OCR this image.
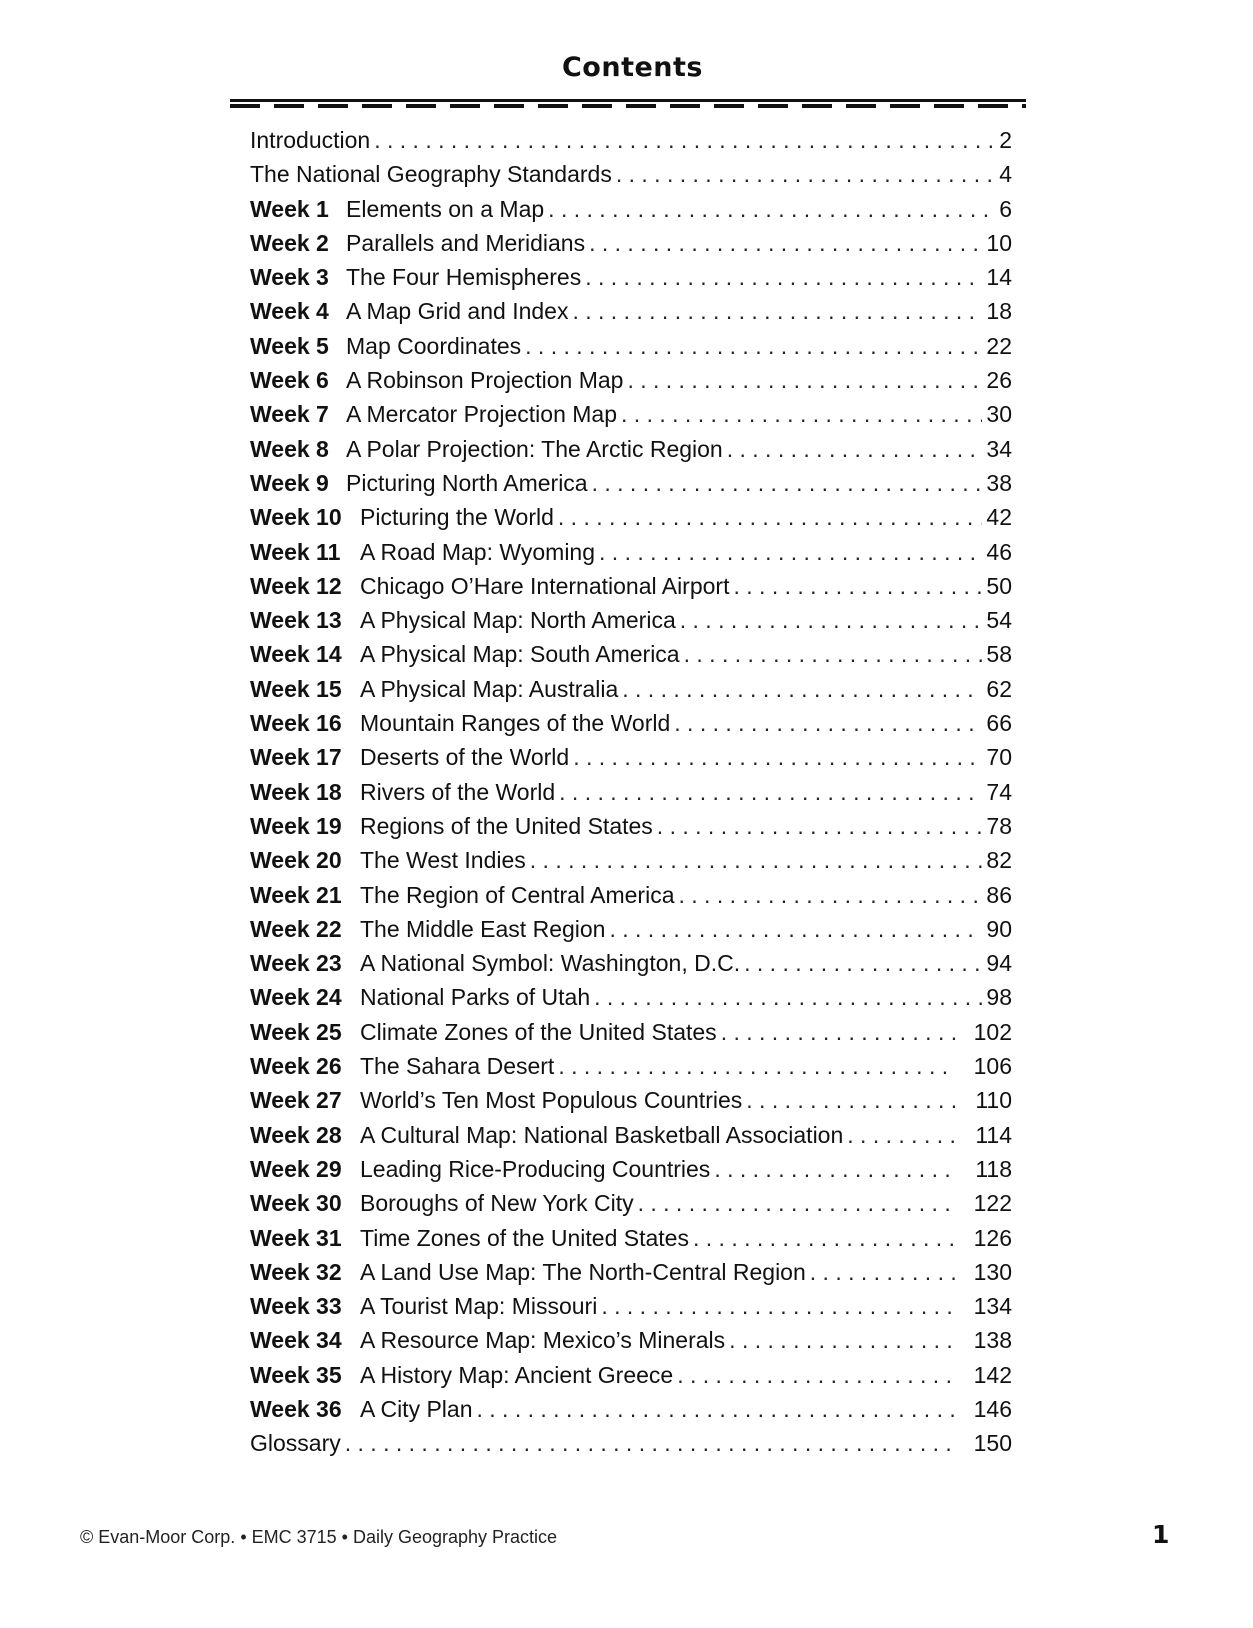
Contents
Introduction . . .	2
The National Geography Standards . . .	4
Week 1 Elements on a Map . . .	6
Week 2 Parallels and Meridians . . .	10
Week 3 The Four Hemispheres . . .	14
Week 4 A Map Grid and Index . . .	18
Week 5 Map Coordinates . . .	22
Week 6 A Robinson Projection Map . . .	26
Week 7 A Mercator Projection Map . . .	30
Week 8 A Polar Projection: The Arctic Region . . .	34
Week 9 Picturing North America . . .	38
Week 10 Picturing the World . . .	42
Week 11 A Road Map: Wyoming . . .	46
Week 12 Chicago O’Hare International Airport . . .	50
Week 13 A Physical Map: North America . . .	54
Week 14 A Physical Map: South America . . .	58
Week 15 A Physical Map: Australia . . .	62
Week 16 Mountain Ranges of the World . . .	66
Week 17 Deserts of the World . . .	70
Week 18 Rivers of the World . . .	74
Week 19 Regions of the United States . . .	78
Week 20 The West Indies . . .	82
Week 21 The Region of Central America . . .	86
Week 22 The Middle East Region . . .	90
Week 23 A National Symbol: Washington, D.C. . . .	94
Week 24 National Parks of Utah . . .	98
Week 25 Climate Zones of the United States . . .	102
Week 26 The Sahara Desert . . .	106
Week 27 World’s Ten Most Populous Countries . . .	110
Week 28 A Cultural Map: National Basketball Association . . .	114
Week 29 Leading Rice-Producing Countries . . .	118
Week 30 Boroughs of New York City . . .	122
Week 31 Time Zones of the United States . . .	126
Week 32 A Land Use Map: The North-Central Region . . .	130
Week 33 A Tourist Map: Missouri . . .	134
Week 34 A Resource Map: Mexico’s Minerals . . .	138
Week 35 A History Map: Ancient Greece . . .	142
Week 36 A City Plan . . .	146
Glossary . . .	150
© Evan-Moor Corp. • EMC 3715 • Daily Geography Practice	1
